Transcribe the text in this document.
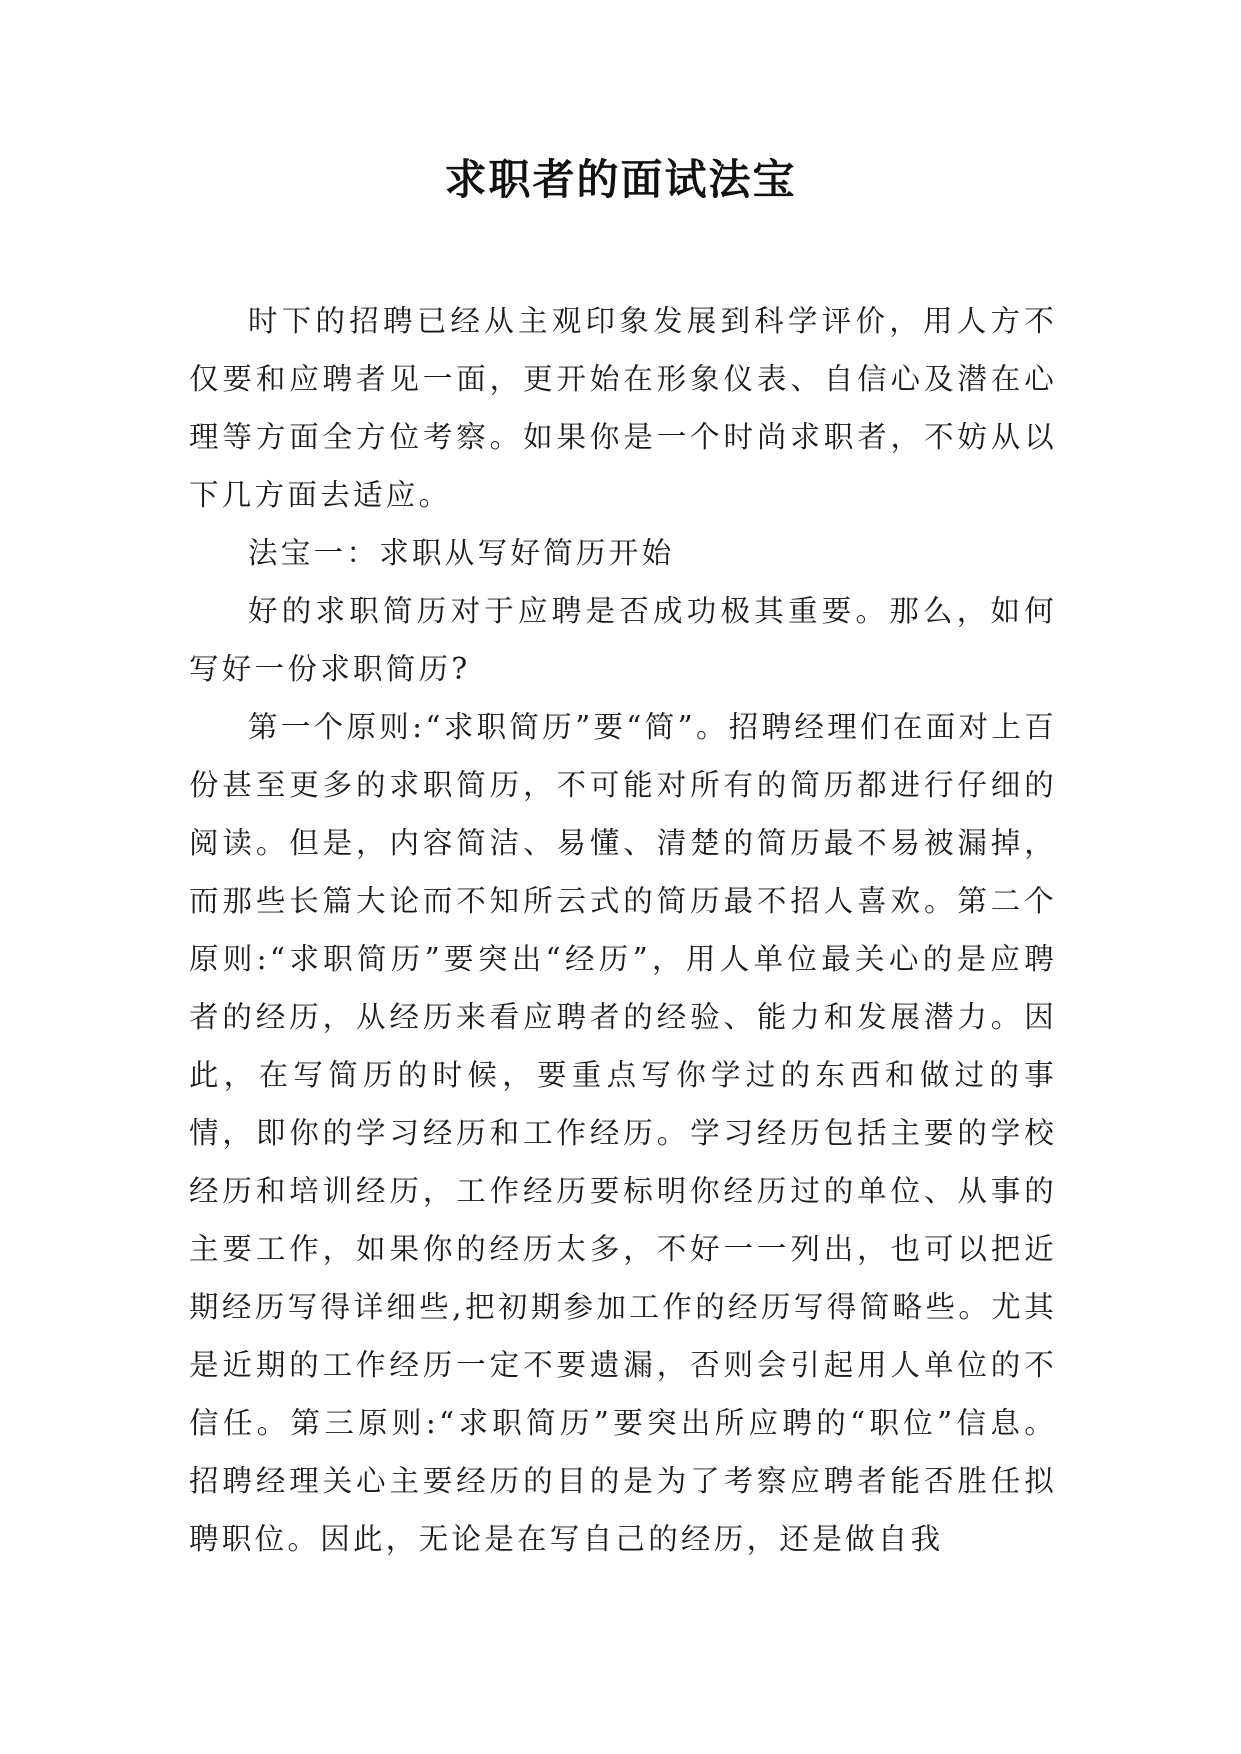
求职者的面试法宝

时下的招聘已经从主观印象发展到科学评价，用人方不仅要和应聘者见一面，更开始在形象仪表、自信心及潜在心理等方面全方位考察。如果你是一个时尚求职者，不妨从以下几方面去适应。

法宝一：求职从写好简历开始

好的求职简历对于应聘是否成功极其重要。那么，如何写好一份求职简历?

第一个原则:“求职简历”要“简”。招聘经理们在面对上百份甚至更多的求职简历，不可能对所有的简历都进行仔细的阅读。但是，内容简洁、易懂、清楚的简历最不易被漏掉，而那些长篇大论而不知所云式的简历最不招人喜欢。第二个原则:“求职简历”要突出“经历”，用人单位最关心的是应聘者的经历，从经历来看应聘者的经验、能力和发展潜力。因此，在写简历的时候，要重点写你学过的东西和做过的事情，即你的学习经历和工作经历。学习经历包括主要的学校经历和培训经历，工作经历要标明你经历过的单位、从事的主要工作，如果你的经历太多，不好一一列出，也可以把近期经历写得详细些,把初期参加工作的经历写得简略些。尤其是近期的工作经历一定不要遗漏，否则会引起用人单位的不信任。第三原则:“求职简历”要突出所应聘的“职位”信息。招聘经理关心主要经历的目的是为了考察应聘者能否胜任拟聘职位。因此，无论是在写自己的经历，还是做自我
